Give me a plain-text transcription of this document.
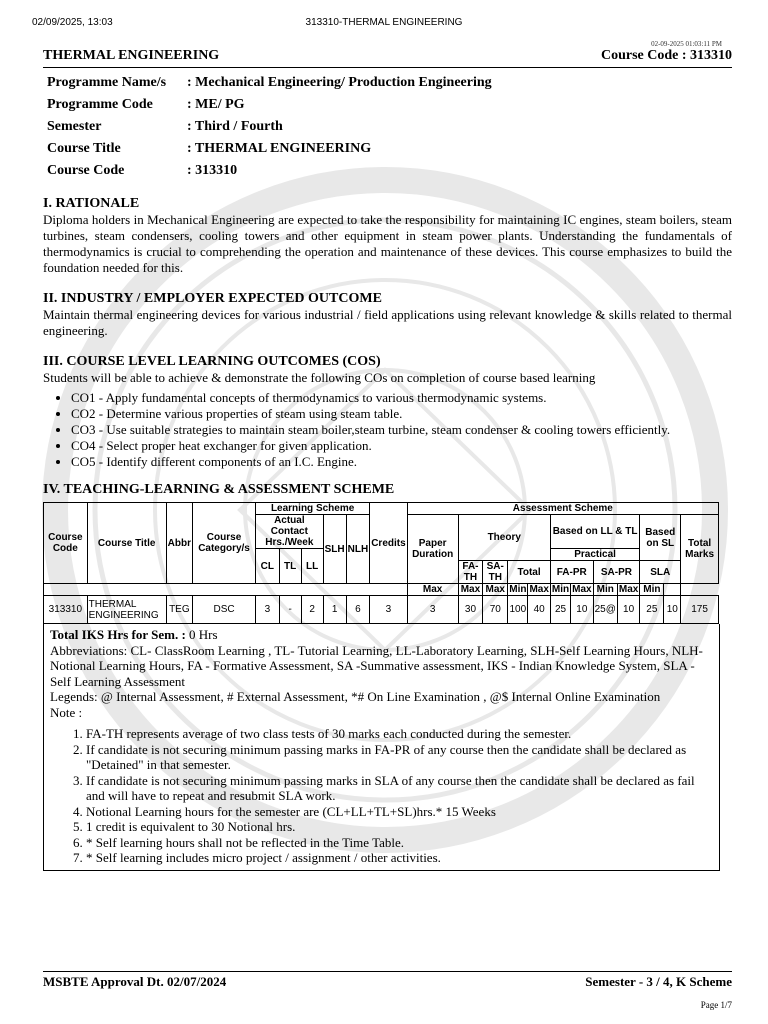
02/09/2025, 13:03	313310-THERMAL ENGINEERING
02-09-2025 01:03:11 PM
THERMAL ENGINEERING	Course Code : 313310
Programme Name/s	: Mechanical Engineering/ Production Engineering
Programme Code	: ME/ PG
Semester	: Third / Fourth
Course Title	: THERMAL ENGINEERING
Course Code	: 313310
I. RATIONALE

Diploma holders in Mechanical Engineering are expected to take the responsibility for maintaining IC engines, steam boilers, steam turbines, steam condensers, cooling towers and other equipment in steam power plants. Understanding the fundamentals of thermodynamics is crucial to comprehending the operation and maintenance of these devices. This course emphasizes to build the foundation needed for this.

II. INDUSTRY / EMPLOYER EXPECTED OUTCOME

Maintain thermal engineering devices for various industrial / field applications using relevant knowledge & skills related to thermal engineering.

III. COURSE LEVEL LEARNING OUTCOMES (COS)

Students will be able to achieve & demonstrate the following COs on completion of course based learning

• CO1 - Apply fundamental concepts of thermodynamics to various thermodynamic systems.
• CO2 - Determine various properties of steam using steam table.
• CO3 - Use suitable strategies to maintain steam boiler,steam turbine, steam condenser & cooling towers efficiently.
• CO4 - Select proper heat exchanger for given application.
• CO5 - Identify different components of an I.C. Engine.
IV. TEACHING-LEARNING & ASSESSMENT SCHEME
Course Code	Course Title	Abbr	Course Category/s	Learning Scheme					Credits	Assessment Scheme											
				Actual Contact Hrs./Week			SLH	NLH		Paper Duration	Theory				Based on LL & TL				Based on SL		Total Marks

				CL	TL	LL									Practical						
											FA-TH	SA-TH	Total		FA-PR		SA-PR		SLA		
										Max	Max	Max	Min	Max	Min	Max	Min	Max	Min		
313310	THERMAL ENGINEERING	TEG	DSC	3	-	2	1	6	3	3	30	70	100	40	25	10	25@	10	25	10	175
Total IKS Hrs for Sem. : 0 Hrs
Abbreviations: CL- ClassRoom Learning , TL- Tutorial Learning, LL-Laboratory Learning, SLH-Self Learning Hours, NLH-Notional Learning Hours, FA - Formative Assessment, SA -Summative assessment, IKS - Indian Knowledge System, SLA - Self Learning Assessment
Legends: @ Internal Assessment, # External Assessment, *# On Line Examination , @$ Internal Online Examination
Note :
1. FA-TH represents average of two class tests of 30 marks each conducted during the semester.
2. If candidate is not securing minimum passing marks in FA-PR of any course then the candidate shall be declared as "Detained" in that semester.
3. If candidate is not securing minimum passing marks in SLA of any course then the candidate shall be declared as fail and will have to repeat and resubmit SLA work.
4. Notional Learning hours for the semester are (CL+LL+TL+SL)hrs.* 15 Weeks
5. 1 credit is equivalent to 30 Notional hrs.
6. * Self learning hours shall not be reflected in the Time Table.
7. * Self learning includes micro project / assignment / other activities.
MSBTE Approval Dt. 02/07/2024	Semester - 3 / 4, K Scheme
Page 1/7
